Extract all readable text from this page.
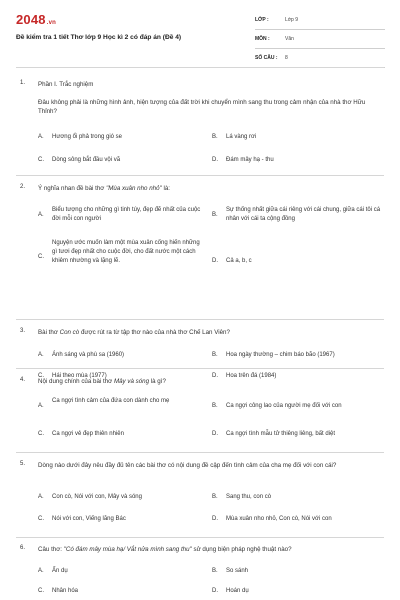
2048.vn
Đề kiểm tra 1 tiết Thơ lớp 9 Học kì 2 có đáp án (Đề 4)
LỚP :	Lớp 9
MÔN :	Văn
SỐ CÂU : 8
1. Phần I. Trắc nghiệm
Đâu không phải là những hình ảnh, hiện tượng của đất trời khi chuyển mình sang thu trong cảm nhận của nhà thơ Hữu Thỉnh?
A. Hương ổi phả trong gió se	B. Lá vàng rơi
C. Dòng sông bắt đầu vội vã	D. Đám mây hạ - thu
2. Ý nghĩa nhan đề bài thơ "Mùa xuân nho nhỏ" là:
A.
Biểu tượng cho những gì tinh túy, đẹp đẽ nhất của cuộc đời mỗi con người
B.
Sự thống nhất giữa cái riêng với cái chung, giữa cái tôi cá nhân với cái ta cộng đồng
C.
Nguyện ước muốn làm một mùa xuân cống hiến những gì tươi đẹp nhất cho cuộc đời, cho đất nước một cách khiêm nhường và lặng lẽ.	D. Cả a, b, c
3. Bài thơ Con cò được rút ra từ tập thơ nào của nhà thơ Chế Lan Viên?
A. Ánh sáng và phù sa (1960)	B. Hoa ngày thường – chim báo bão (1967)
C. Hái theo mùa (1977)	D. Hoa trên đá (1984)
4. Nội dung chính của bài thơ Mây và sóng là gì?
A.
Ca ngợi tình cảm của đứa con dành cho mẹ
B. Ca ngợi công lao của người mẹ đối với con
C. Ca ngợi vẻ đẹp thiên nhiên	D. Ca ngợi tình mẫu tử thiêng liêng, bất diệt
5. Dòng nào dưới đây nêu đầy đủ tên các bài thơ có nội dung đề cập đến tình cảm của cha mẹ đối với con cái?
A. Con cò, Nói với con, Mây và sóng	B. Sang thu, con cò
C. Nói với con, Viếng lăng Bác	D. Mùa xuân nho nhỏ, Con cò, Nói với con
6. Câu thơ: "Có đám mây mùa hạ/ Vắt nửa mình sang thu" sử dụng biện pháp nghệ thuật nào?
A. Ẩn dụ	B. So sánh
C. Nhân hóa	D. Hoán dụ
